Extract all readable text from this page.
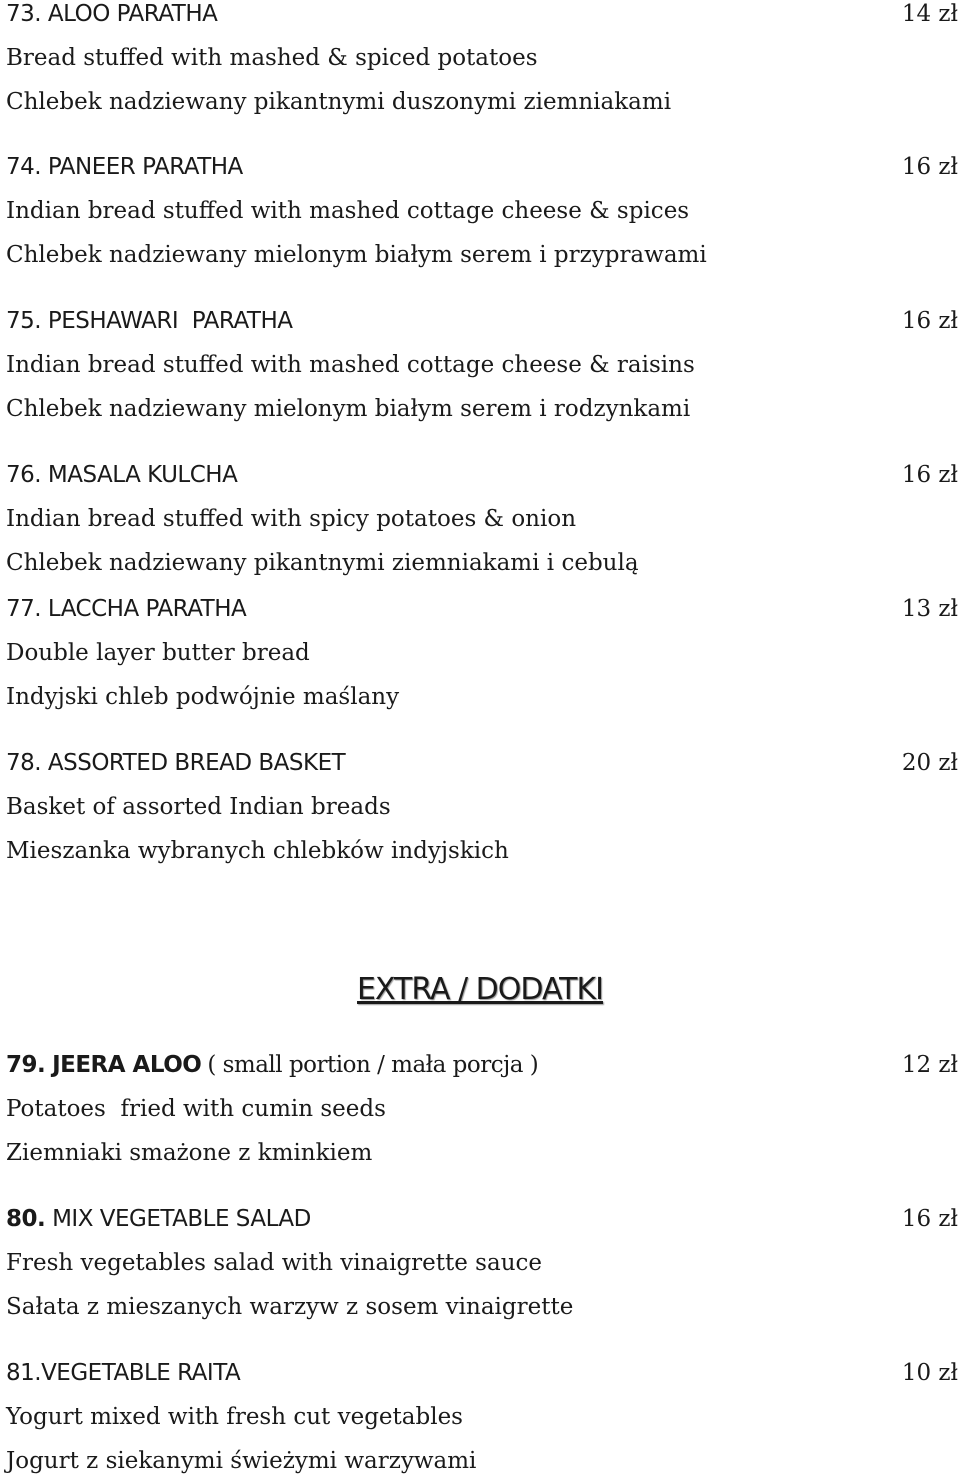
73. ALOO PARATHA	14 zł
Bread stuffed with mashed & spiced potatoes
Chlebek nadziewany pikantnymi duszonymi ziemniakami
74. PANEER PARATHA	16 zł
Indian bread stuffed with mashed cottage cheese & spices
Chlebek nadziewany mielonym białym serem i przyprawami
75. PESHAWARI  PARATHA	16 zł
Indian bread stuffed with mashed cottage cheese & raisins
Chlebek nadziewany mielonym białym serem i rodzynkami
76. MASALA KULCHA	16 zł
Indian bread stuffed with spicy potatoes & onion
Chlebek nadziewany pikantnymi ziemniakami i cebulą
77. LACCHA PARATHA	13 zł
Double layer butter bread
Indyjski chleb podwójnie maślany
78. ASSORTED BREAD BASKET	20 zł
Basket of assorted Indian breads
Mieszanka wybranych chlebków indyjskich
EXTRA / DODATKI
79. JEERA ALOO ( small portion / mała porcja )	12 zł
Potatoes  fried with cumin seeds
Ziemniaki smażone z kminkiem
80. MIX VEGETABLE SALAD	16 zł
Fresh vegetables salad with vinaigrette sauce
Sałata z mieszanych warzyw z sosem vinaigrette
81.VEGETABLE RAITA	10 zł
Yogurt mixed with fresh cut vegetables
Jogurt z siekanymi świeżymi warzywami
